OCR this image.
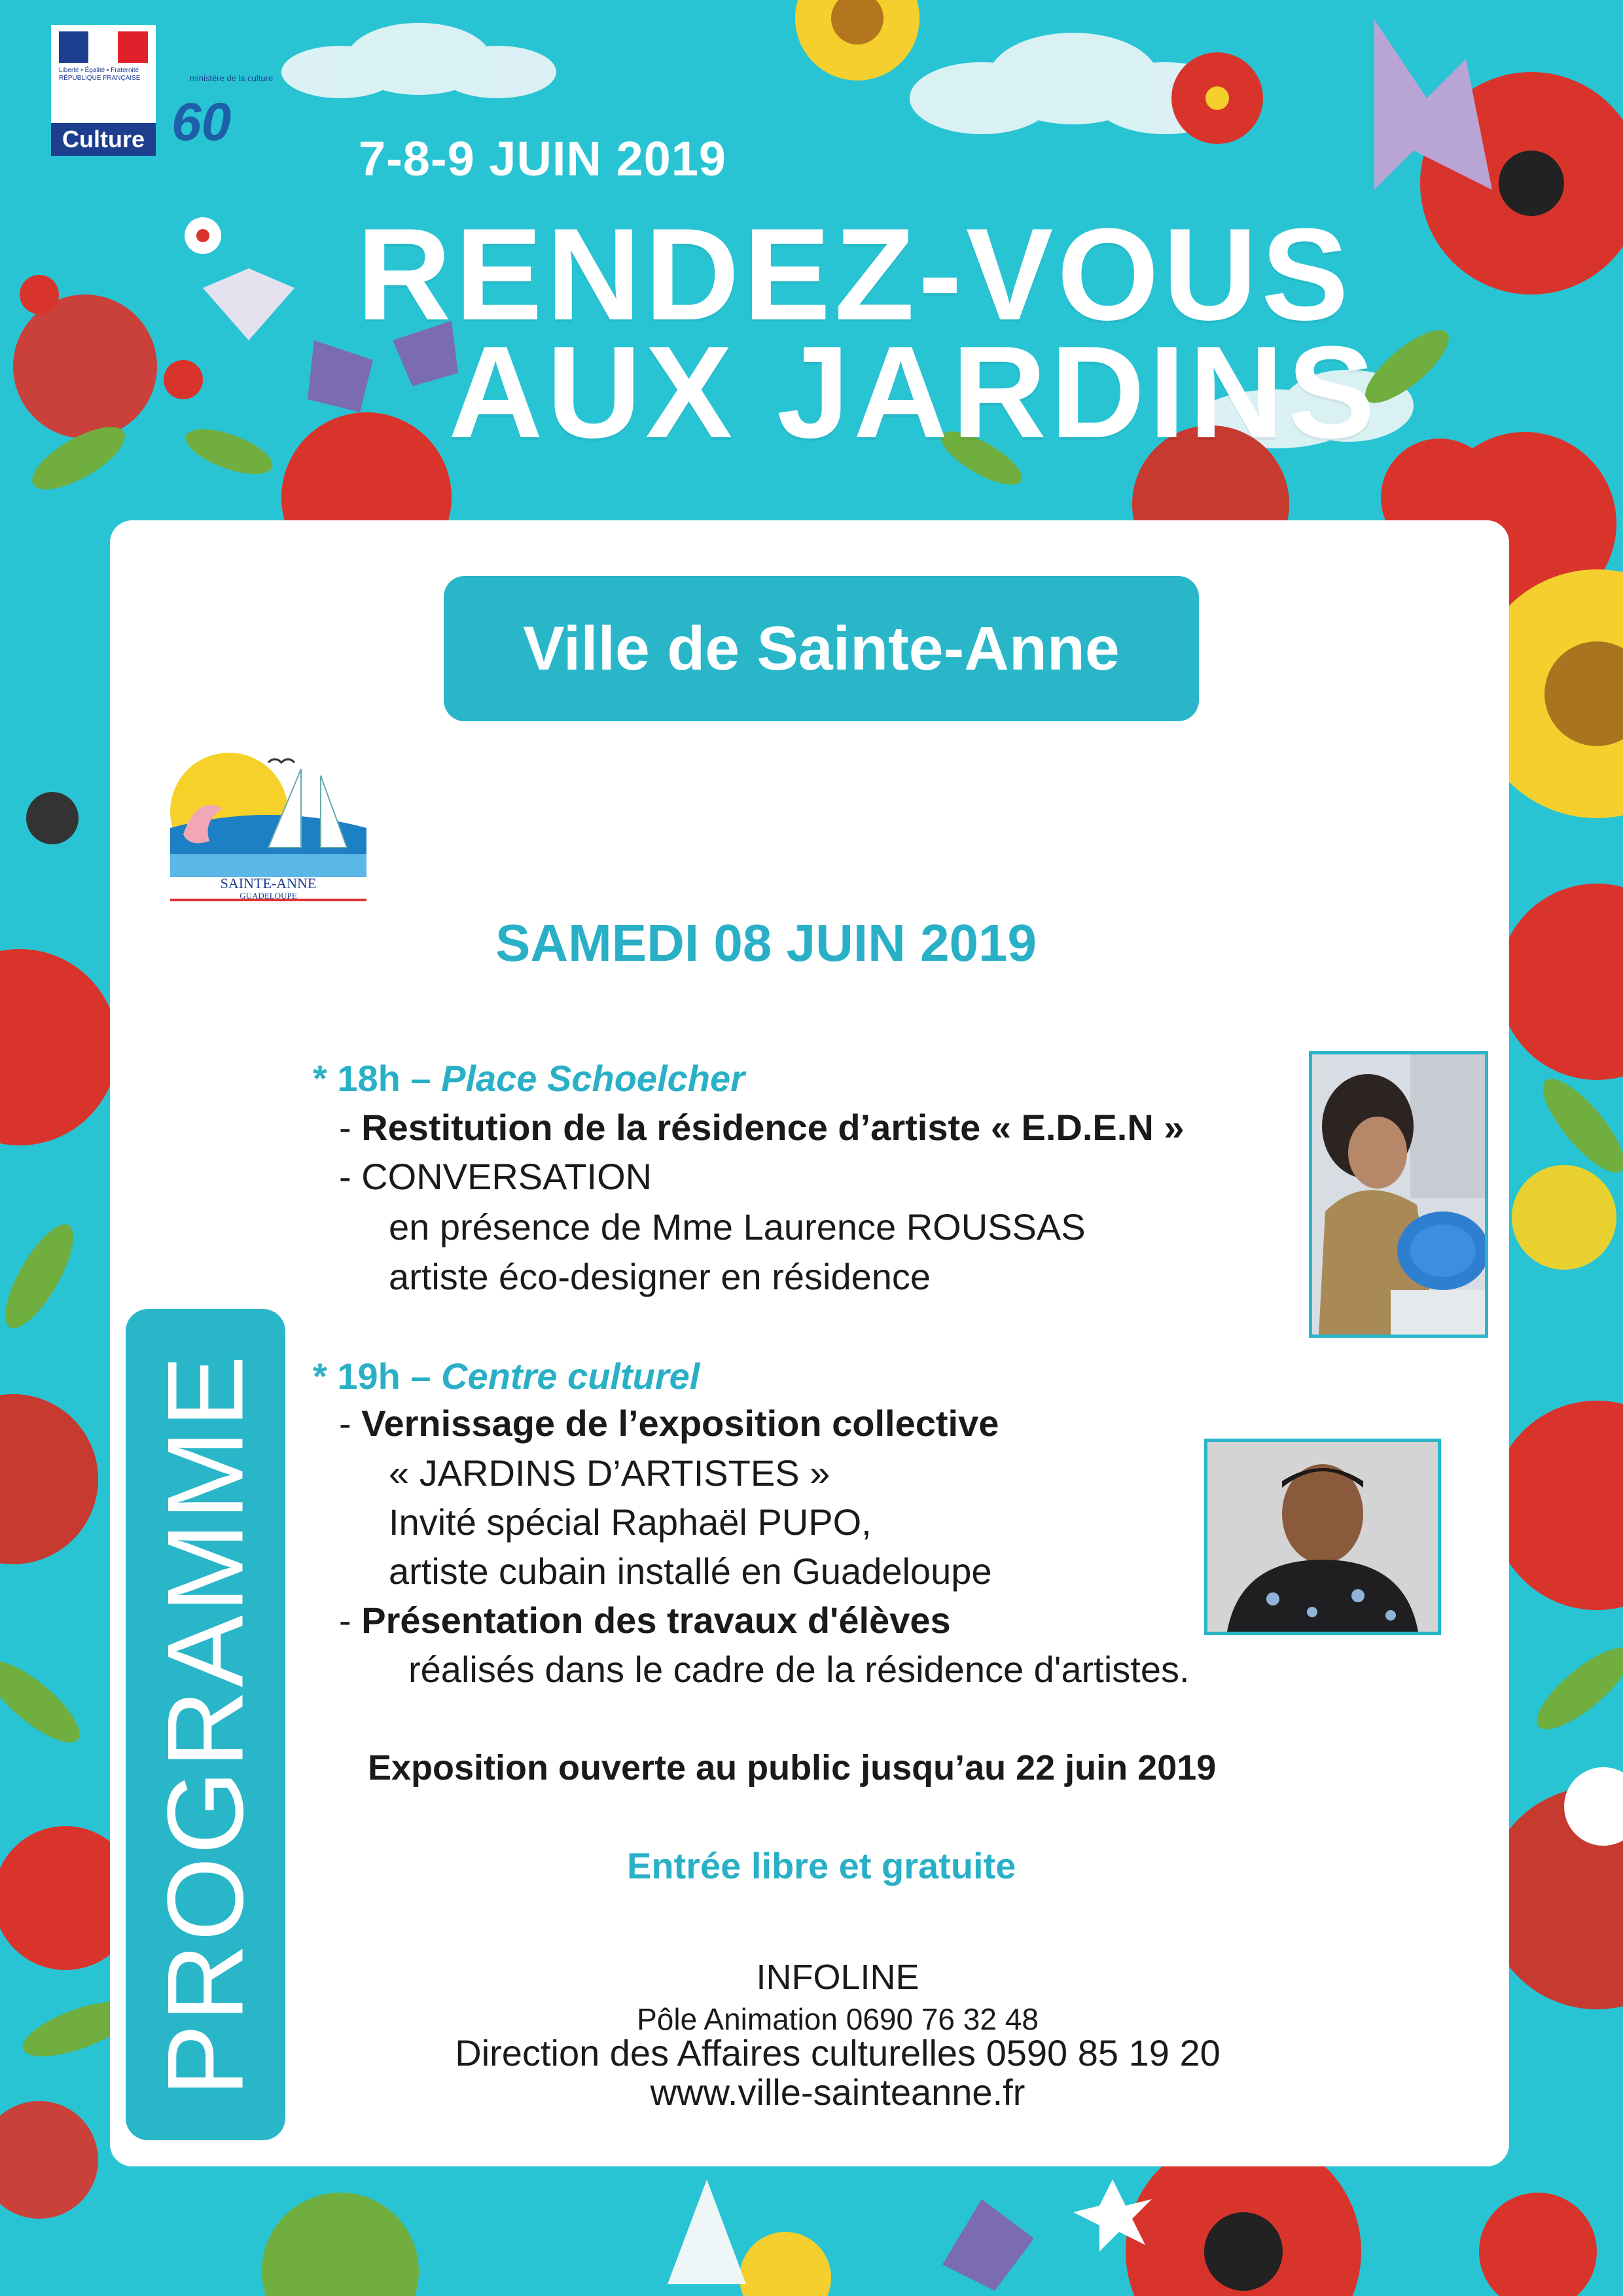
Liberté • Égalité • Fraternité RÉPUBLIQUE FRANÇAISE
Culture
ministère de la culture
60
7-8-9 JUIN 2019
RENDEZ-VOUS
AUX JARDINS
Ville de Sainte-Anne
SAINTE-ANNE
GUADELOUPE
SAMEDI 08 JUIN 2019
* 18h – Place Schoelcher
- Restitution de la résidence d’artiste « E.D.E.N »
- CONVERSATION
en présence de Mme Laurence ROUSSAS
artiste éco-designer en résidence
* 19h – Centre culturel
- Vernissage de l’exposition collective
« JARDINS D’ARTISTES »
Invité spécial Raphaël PUPO,
artiste cubain installé en Guadeloupe
- Présentation des travaux d'élèves
réalisés dans le cadre de la résidence d'artistes.
Exposition ouverte au public jusqu’au 22 juin 2019
Entrée libre et gratuite
INFOLINE
Pôle Animation 0690 76 32 48
Direction des Affaires culturelles 0590 85 19 20
www.ville-sainteanne.fr
PROGRAMME
